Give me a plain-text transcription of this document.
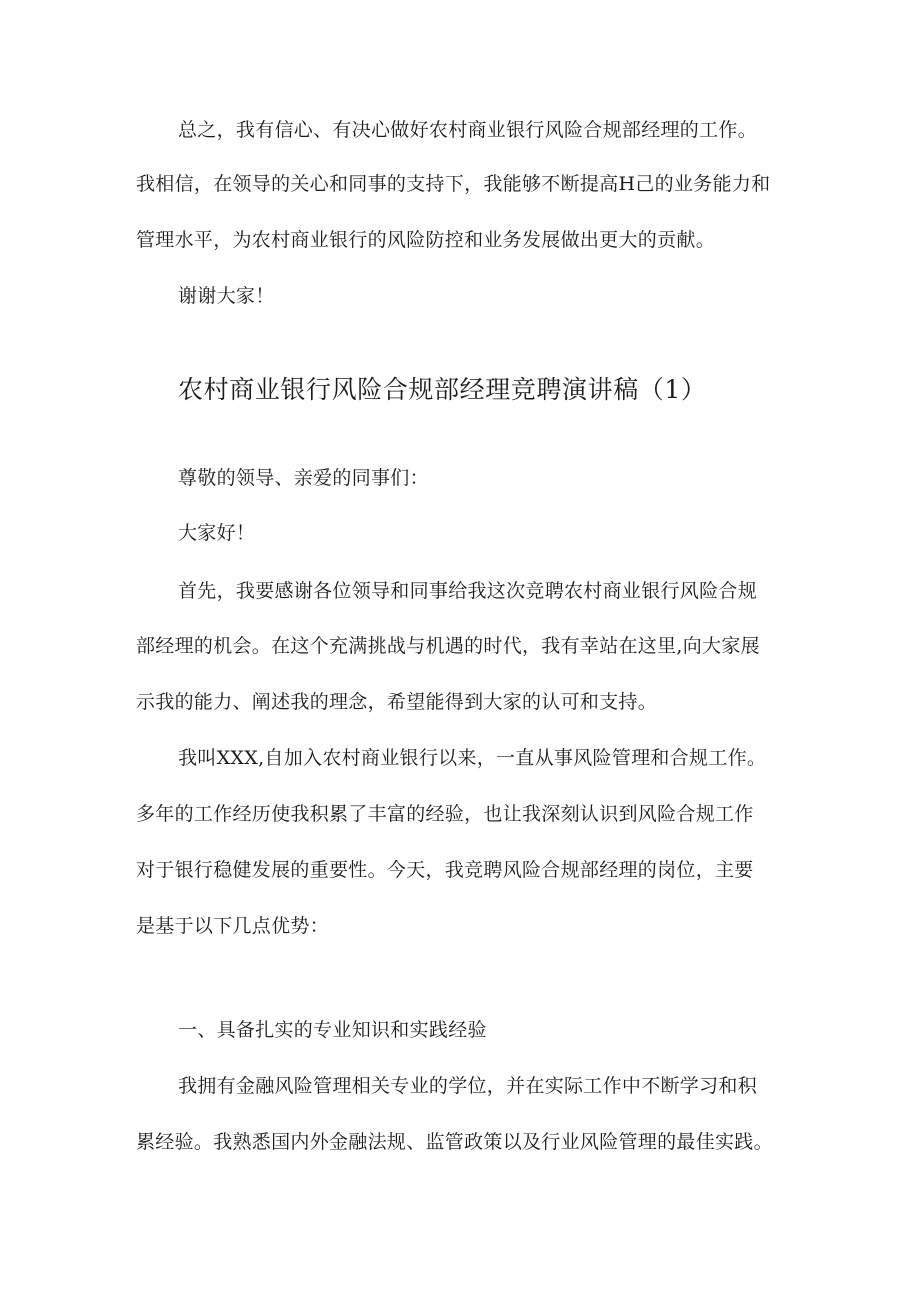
总之，我有信心、有决心做好农村商业银行风险合规部经理的工作。
我相信，在领导的关心和同事的支持下，我能够不断提高H己的业务能力和
管理水平，为农村商业银行的风险防控和业务发展做出更大的贡献。
谢谢大家！
农村商业银行风险合规部经理竞聘演讲稿（1）
尊敬的领导、亲爱的同事们：
大家好！
首先，我要感谢各位领导和同事给我这次竞聘农村商业银行风险合规
部经理的机会。在这个充满挑战与机遇的时代，我有幸站在这里,向大家展
示我的能力、阐述我的理念，希望能得到大家的认可和支持。
我叫XXX,自加入农村商业银行以来，一直从事风险管理和合规工作。
多年的工作经历使我积累了丰富的经验，也让我深刻认识到风险合规工作
对于银行稳健发展的重要性。今天，我竞聘风险合规部经理的岗位，主要
是基于以下几点优势：
一、具备扎实的专业知识和实践经验
我拥有金融风险管理相关专业的学位，并在实际工作中不断学习和积
累经验。我熟悉国内外金融法规、监管政策以及行业风险管理的最佳实践。
